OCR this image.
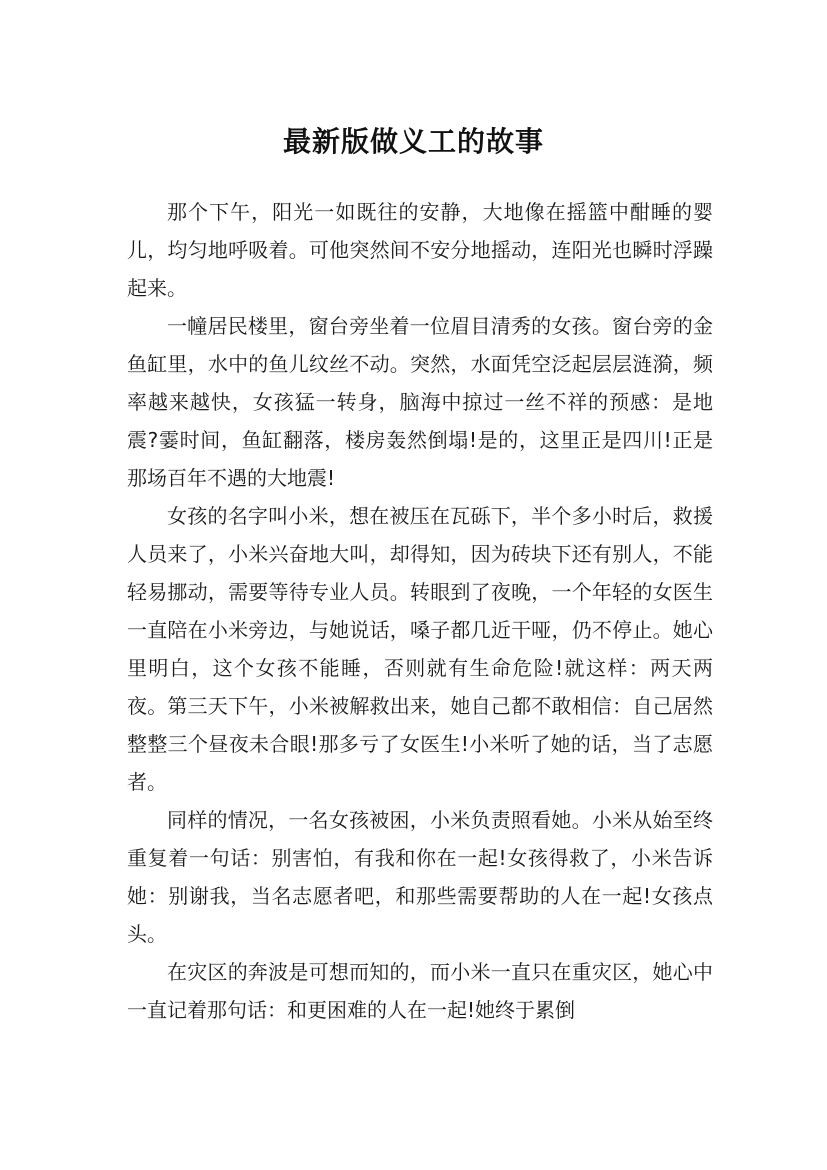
最新版做义工的故事

那个下午，阳光一如既往的安静，大地像在摇篮中酣睡的婴儿，均匀地呼吸着。可他突然间不安分地摇动，连阳光也瞬时浮躁起来。

一幢居民楼里，窗台旁坐着一位眉目清秀的女孩。窗台旁的金鱼缸里，水中的鱼儿纹丝不动。突然，水面凭空泛起层层涟漪，频率越来越快，女孩猛一转身，脑海中掠过一丝不祥的预感：是地震?霎时间，鱼缸翻落，楼房轰然倒塌!是的，这里正是四川!正是那场百年不遇的大地震!

女孩的名字叫小米，想在被压在瓦砾下，半个多小时后，救援人员来了，小米兴奋地大叫，却得知，因为砖块下还有别人，不能轻易挪动，需要等待专业人员。转眼到了夜晚，一个年轻的女医生一直陪在小米旁边，与她说话，嗓子都几近干哑，仍不停止。她心里明白，这个女孩不能睡，否则就有生命危险!就这样：两天两夜。第三天下午，小米被解救出来，她自己都不敢相信：自己居然整整三个昼夜未合眼!那多亏了女医生!小米听了她的话，当了志愿者。

同样的情况，一名女孩被困，小米负责照看她。小米从始至终重复着一句话：别害怕，有我和你在一起!女孩得救了，小米告诉她：别谢我，当名志愿者吧，和那些需要帮助的人在一起!女孩点头。

在灾区的奔波是可想而知的，而小米一直只在重灾区，她心中一直记着那句话：和更困难的人在一起!她终于累倒
